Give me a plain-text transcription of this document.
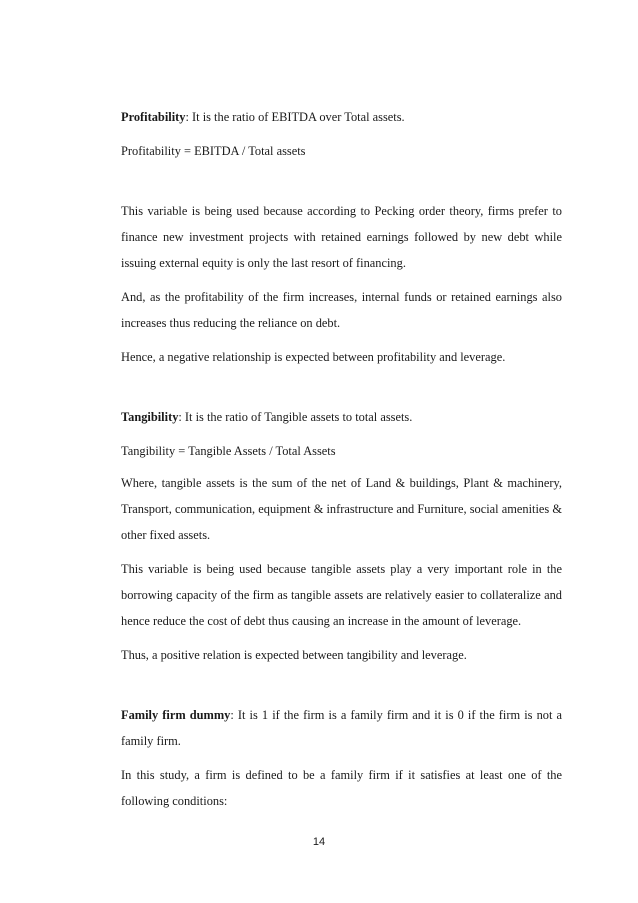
Profitability: It is the ratio of EBITDA over Total assets.

Profitability = EBITDA / Total assets

This variable is being used because according to Pecking order theory, firms prefer to finance new investment projects with retained earnings followed by new debt while issuing external equity is only the last resort of financing.

And, as the profitability of the firm increases, internal funds or retained earnings also increases thus reducing the reliance on debt.

Hence, a negative relationship is expected between profitability and leverage.

Tangibility: It is the ratio of Tangible assets to total assets.

Tangibility = Tangible Assets / Total Assets

Where, tangible assets is the sum of the net of Land & buildings, Plant & machinery, Transport, communication, equipment & infrastructure and Furniture, social amenities & other fixed assets.

This variable is being used because tangible assets play a very important role in the borrowing capacity of the firm as tangible assets are relatively easier to collateralize and hence reduce the cost of debt thus causing an increase in the amount of leverage.

Thus, a positive relation is expected between tangibility and leverage.

Family firm dummy: It is 1 if the firm is a family firm and it is 0 if the firm is not a family firm.

In this study, a firm is defined to be a family firm if it satisfies at least one of the following conditions:

14
